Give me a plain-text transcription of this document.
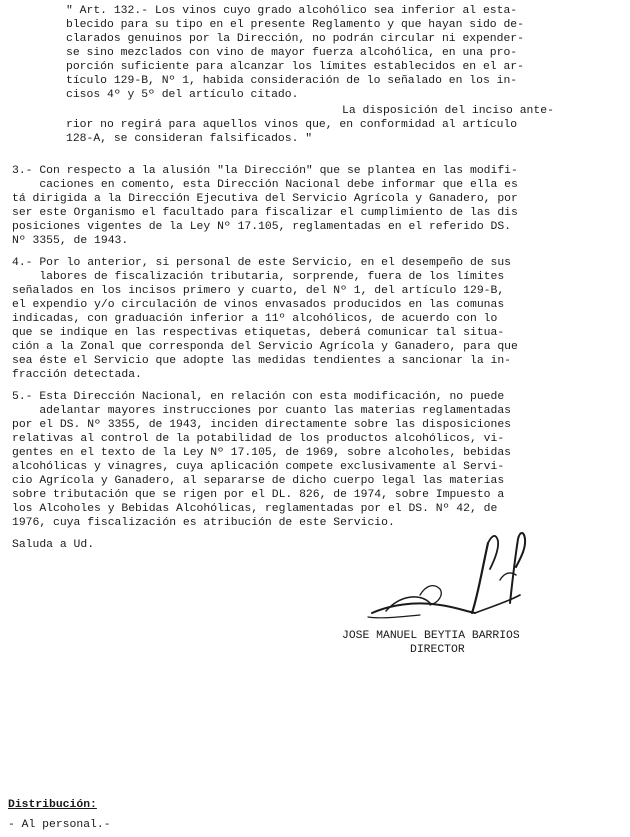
" Art. 132.- Los vinos cuyo grado alcohólico sea inferior al esta-
blecido para su tipo en el presente Reglamento y que hayan sido de-
clarados genuinos por la Dirección, no podrán circular ni expender-
se sino mezclados con vino de mayor fuerza alcohólica, en una pro-
porción suficiente para alcanzar los límites establecidos en el ar-
tículo 129-B, Nº 1, habida consideración de lo señalado en los in-
cisos 4º y 5º del artículo citado.
La disposición del inciso ante-
rior no regirá para aquellos vinos que, en conformidad al artículo
128-A, se consideran falsificados. "
3.- Con respecto a la alusión "la Dirección" que se plantea en las modifi-
caciones en comento, esta Dirección Nacional debe informar que ella es
tá dirigida a la Dirección Ejecutiva del Servicio Agrícola y Ganadero, por
ser este Organismo el facultado para fiscalizar el cumplimiento de las dis
posiciones vigentes de la Ley Nº 17.105, reglamentadas en el referido DS.
Nº 3355, de 1943.
4.- Por lo anterior, si personal de este Servicio, en el desempeño de sus
labores de fiscalización tributaria, sorprende, fuera de los límites
señalados en los incisos primero y cuarto, del Nº 1, del artículo 129-B,
el expendio y/o circulación de vinos envasados producidos en las comunas
indicadas, con graduación inferior a 11º alcohólicos, de acuerdo con lo
que se indique en las respectivas etiquetas, deberá comunicar tal situa-
ción a la Zonal que corresponda del Servicio Agrícola y Ganadero, para que
sea éste el Servicio que adopte las medidas tendientes a sancionar la in-
fracción detectada.
5.- Esta Dirección Nacional, en relación con esta modificación, no puede
adelantar mayores instrucciones por cuanto las materias reglamentadas
por el DS. Nº 3355, de 1943, inciden directamente sobre las disposiciones
relativas al control de la potabilidad de los productos alcohólicos, vi-
gentes en el texto de la Ley Nº 17.105, de 1969, sobre alcoholes, bebidas
alcohólicas y vinagres, cuya aplicación compete exclusivamente al Servi-
cio Agrícola y Ganadero, al separarse de dicho cuerpo legal las materias
sobre tributación que se rigen por el DL. 826, de 1974, sobre Impuesto a
los Alcoholes y Bebidas Alcohólicas, reglamentadas por el DS. Nº 42, de
1976, cuya fiscalización es atribución de este Servicio.
Saluda a Ud.
JOSE MANUEL BEYTIA BARRIOS
DIRECTOR
Distribución:
- Al personal.-
